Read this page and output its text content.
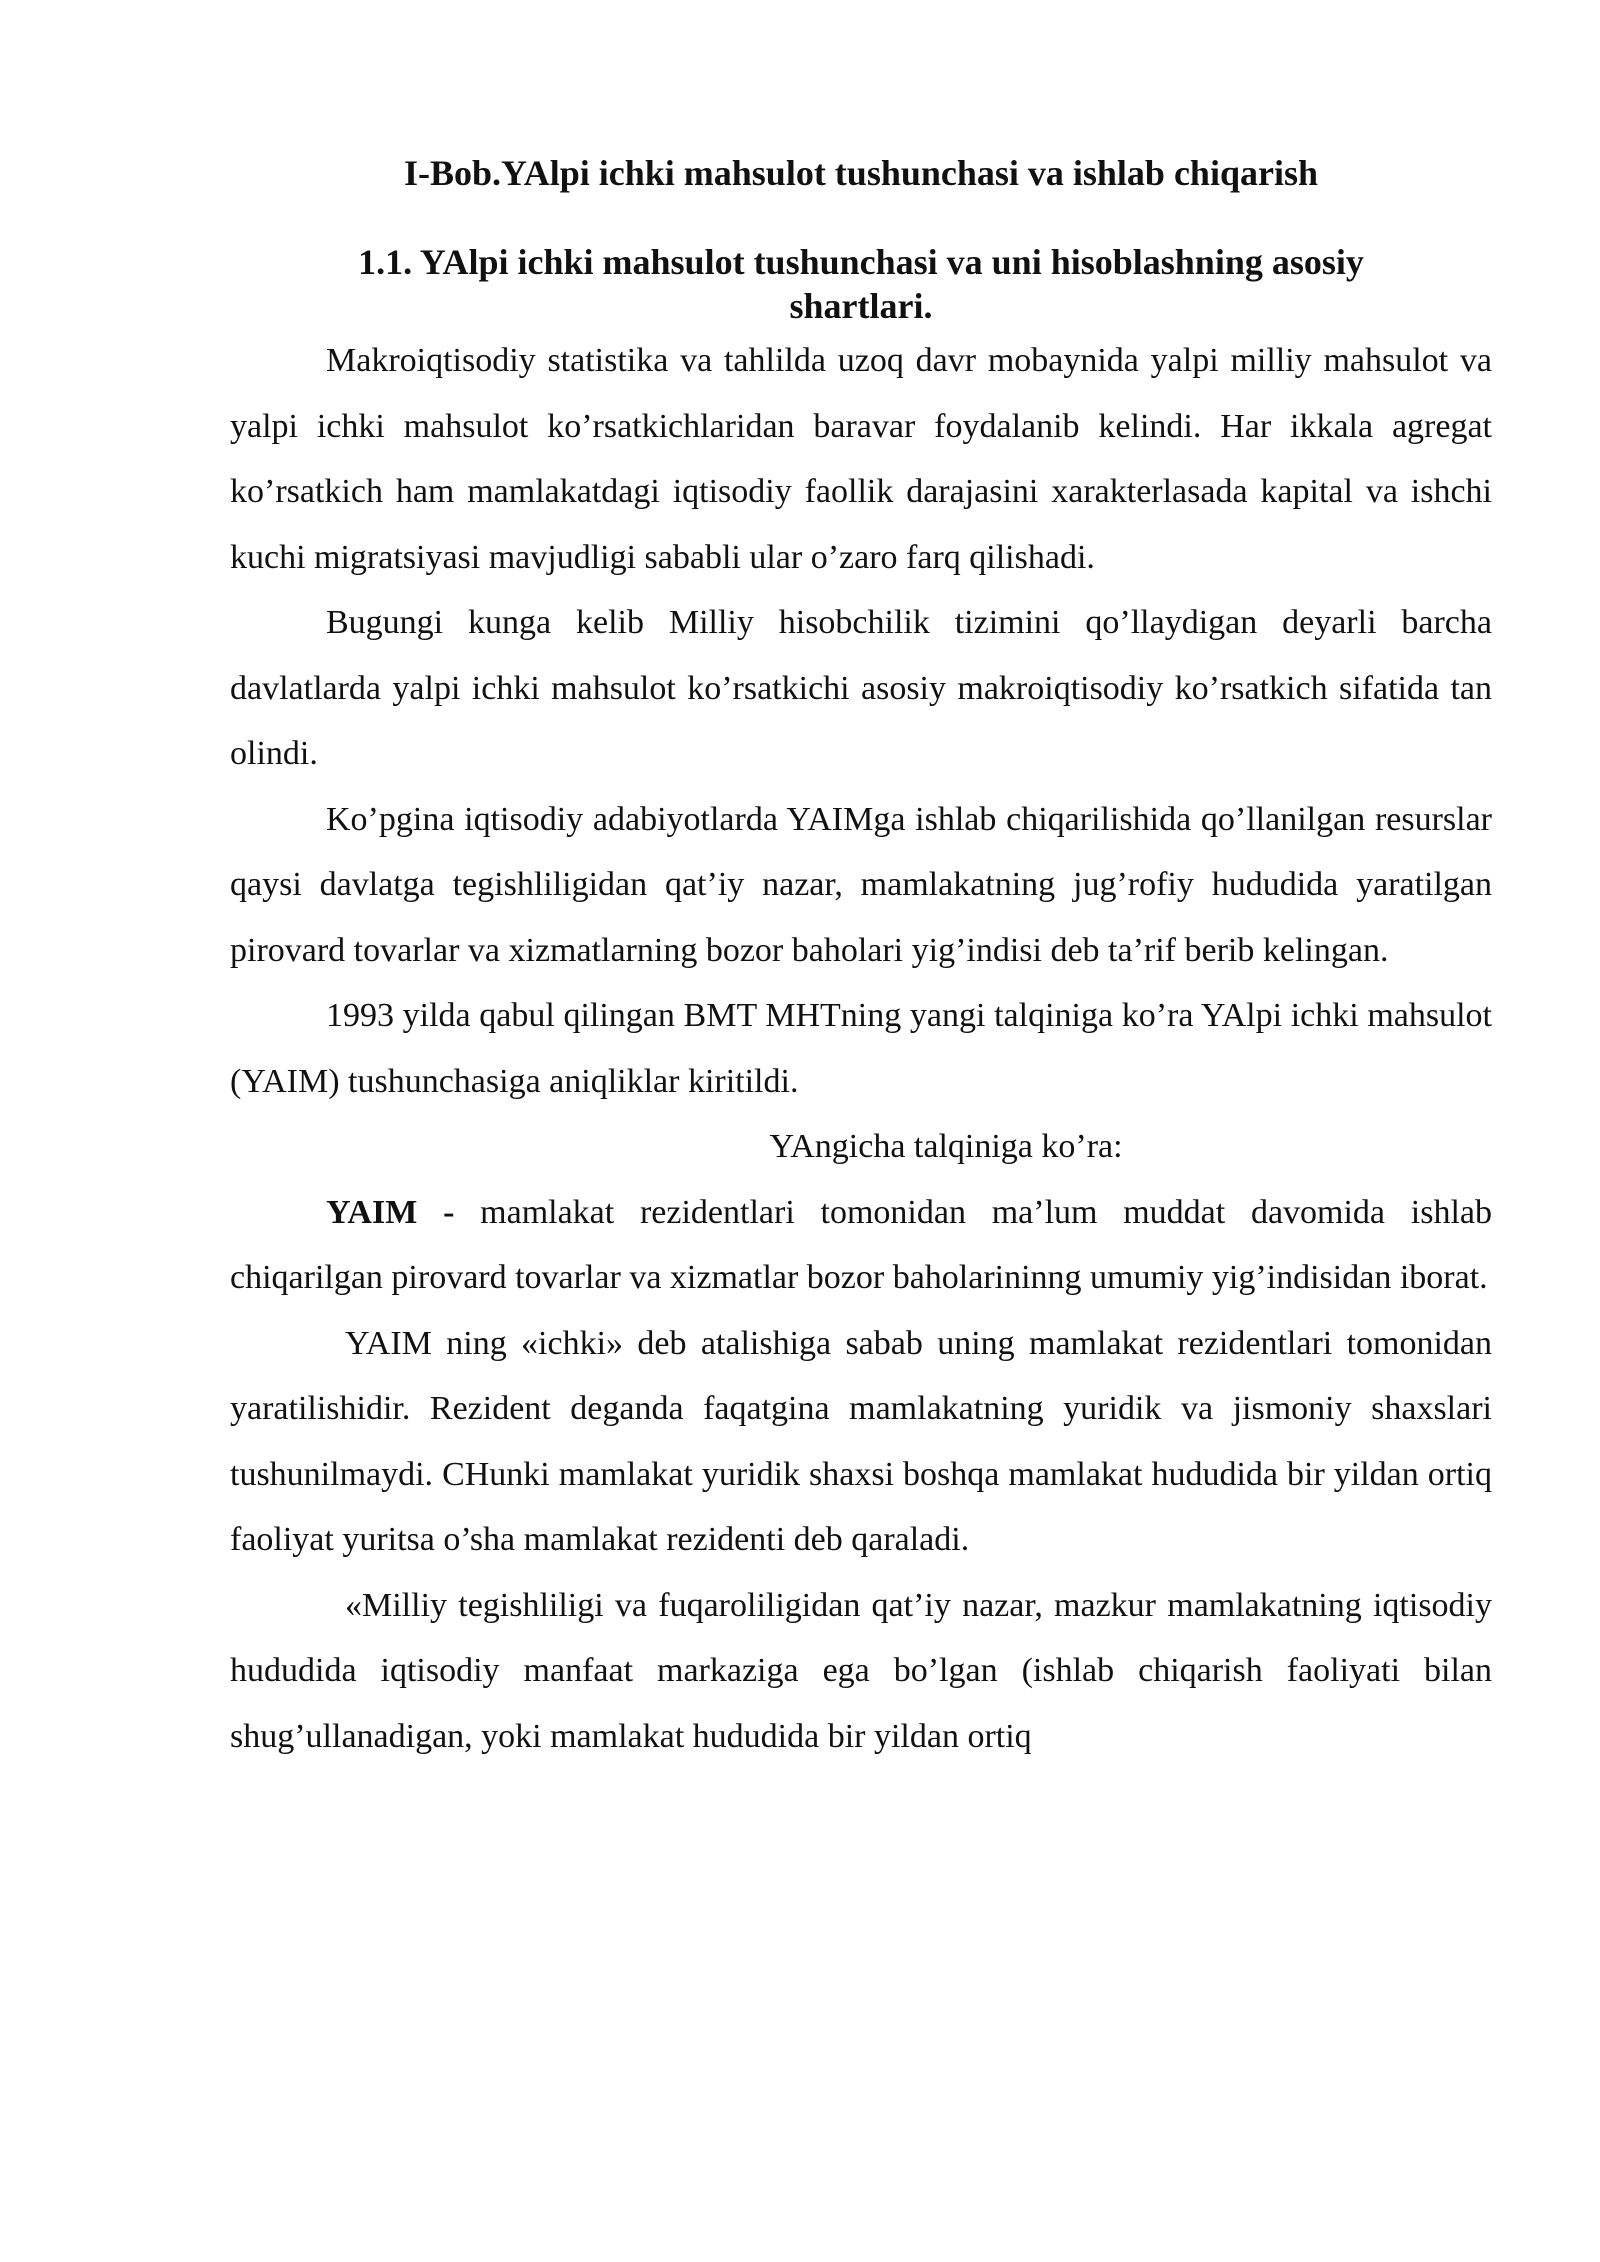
I-Bob.YAlpi ichki mahsulot tushunchasi va ishlab chiqarish
1.1. YAlpi ichki mahsulot tushunchasi va uni hisoblashning asosiy shartlari.

Makroiqtisodiy statistika va tahlilda uzoq davr mobaynida yalpi milliy mahsulot va yalpi ichki mahsulot ko’rsatkichlaridan baravar foydalanib kelindi. Har ikkala agregat ko’rsatkich ham mamlakatdagi iqtisodiy faollik darajasini xarakterlasada kapital va ishchi kuchi migratsiyasi mavjudligi sababli ular o’zaro farq qilishadi.

Bugungi kunga kelib Milliy hisobchilik tizimini qo’llaydigan deyarli barcha davlatlarda yalpi ichki mahsulot ko’rsatkichi asosiy makroiqtisodiy ko’rsatkich sifatida tan olindi.

Ko’pgina iqtisodiy adabiyotlarda YAIMga ishlab chiqarilishida qo’llanilgan resurslar qaysi davlatga tegishliligidan qat’iy nazar, mamlakatning jug’rofiy hududida yaratilgan pirovard tovarlar va xizmatlarning bozor baholari yig’indisi deb ta’rif berib kelingan.

1993 yilda qabul qilingan BMT MHTning yangi talqiniga ko’ra YAlpi ichki mahsulot (YAIM) tushunchasiga aniqliklar kiritildi.

YAngicha talqiniga ko’ra:

YAIM - mamlakat rezidentlari tomonidan ma’lum muddat davomida ishlab chiqarilgan pirovard tovarlar va xizmatlar bozor baholarininng umumiy yig’indisidan iborat.

YAIM ning «ichki» deb atalishiga sabab uning mamlakat rezidentlari tomonidan yaratilishidir. Rezident deganda faqatgina mamlakatning yuridik va jismoniy shaxslari tushunilmaydi. CHunki mamlakat yuridik shaxsi boshqa mamlakat hududida bir yildan ortiq faoliyat yuritsa o’sha mamlakat rezidenti deb qaraladi.

«Milliy tegishliligi va fuqaroliligidan qat’iy nazar, mazkur mamlakatning iqtisodiy hududida iqtisodiy manfaat markaziga ega bo’lgan (ishlab chiqarish faoliyati bilan shug’ullanadigan, yoki mamlakat hududida bir yildan ortiq
